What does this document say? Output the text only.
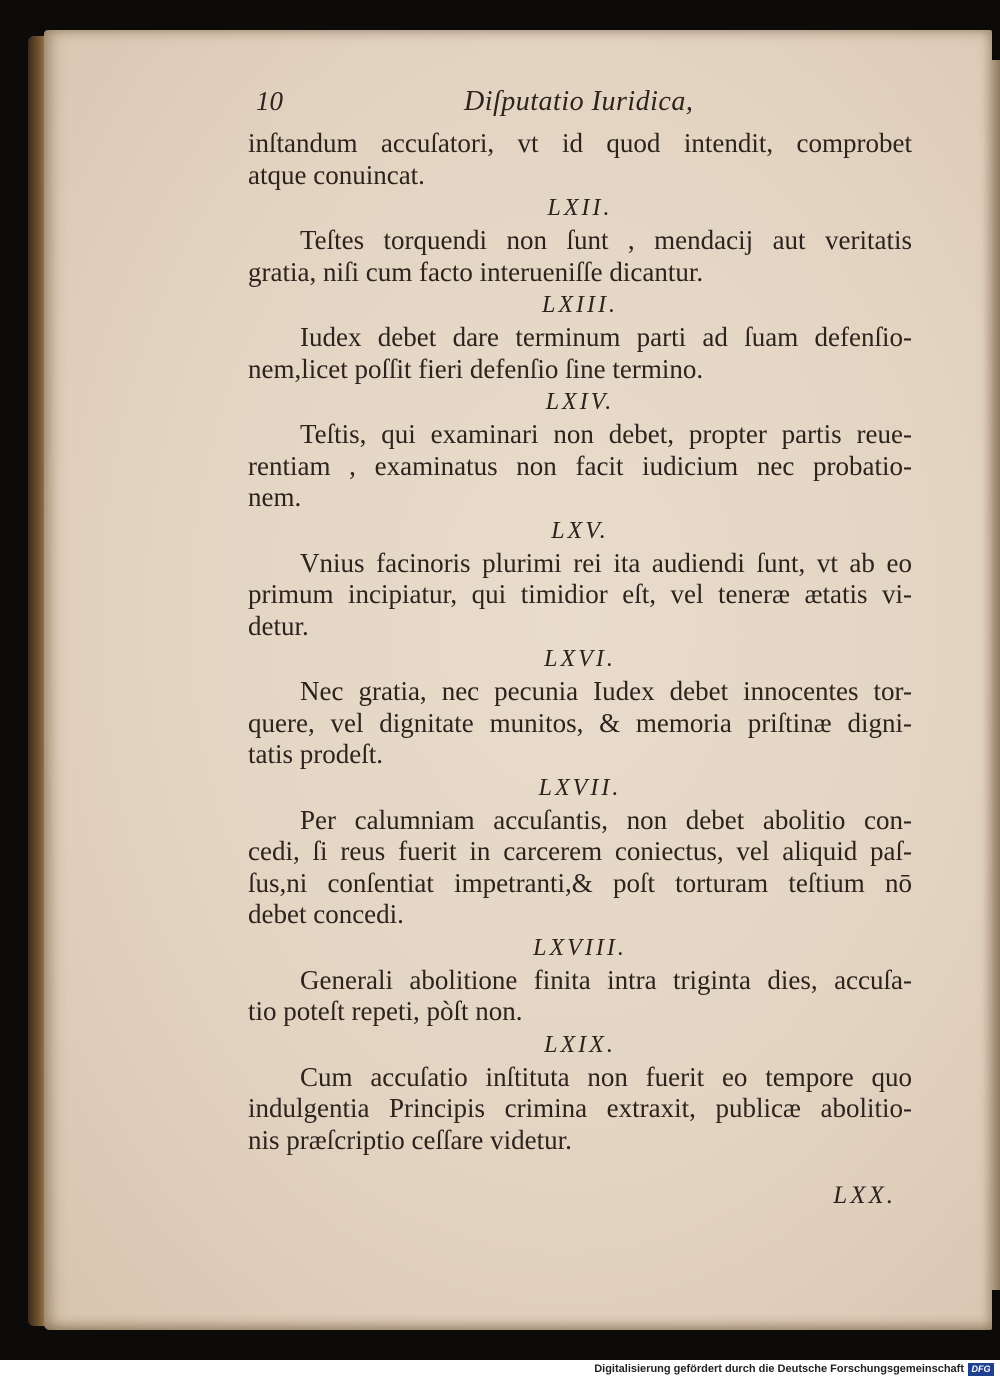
10	Diſputatio Iuridica,
inſtandum accuſatori, vt id quod intendit, comprobet
atque conuincat.
LXII.
Teſtes torquendi non ſunt , mendacij aut veritatis
gratia, niſi cum facto interueniſſe dicantur.
LXIII.
Iudex debet dare terminum parti ad ſuam defenſio-
nem,licet poſſit fieri defenſio ſine termino.
LXIV.
Teſtis, qui examinari non debet, propter partis reue-
rentiam , examinatus non facit iudicium nec probatio-
nem.
LXV.
Vnius facinoris plurimi rei ita audiendi ſunt, vt ab eo
primum incipiatur, qui timidior eſt, vel teneræ ætatis vi-
detur.
LXVI.
Nec gratia, nec pecunia Iudex debet innocentes tor-
quere, vel dignitate munitos, & memoria priſtinæ digni-
tatis prodeſt.
LXVII.
Per calumniam accuſantis, non debet abolitio con-
cedi, ſi reus fuerit in carcerem coniectus, vel aliquid paſ-
ſus,ni conſentiat impetranti,& poſt torturam teſtium nō
debet concedi.
LXVIII.
Generali abolitione finita intra triginta dies, accuſa-
tio poteſt repeti, pòſt non.
LXIX.
Cum accuſatio inſtituta non fuerit eo tempore quo
indulgentia Principis crimina extraxit, publicæ abolitio-
nis præſcriptio ceſſare videtur.
LXX.
Digitalisierung gefördert durch die Deutsche Forschungsgemeinschaft DFG
